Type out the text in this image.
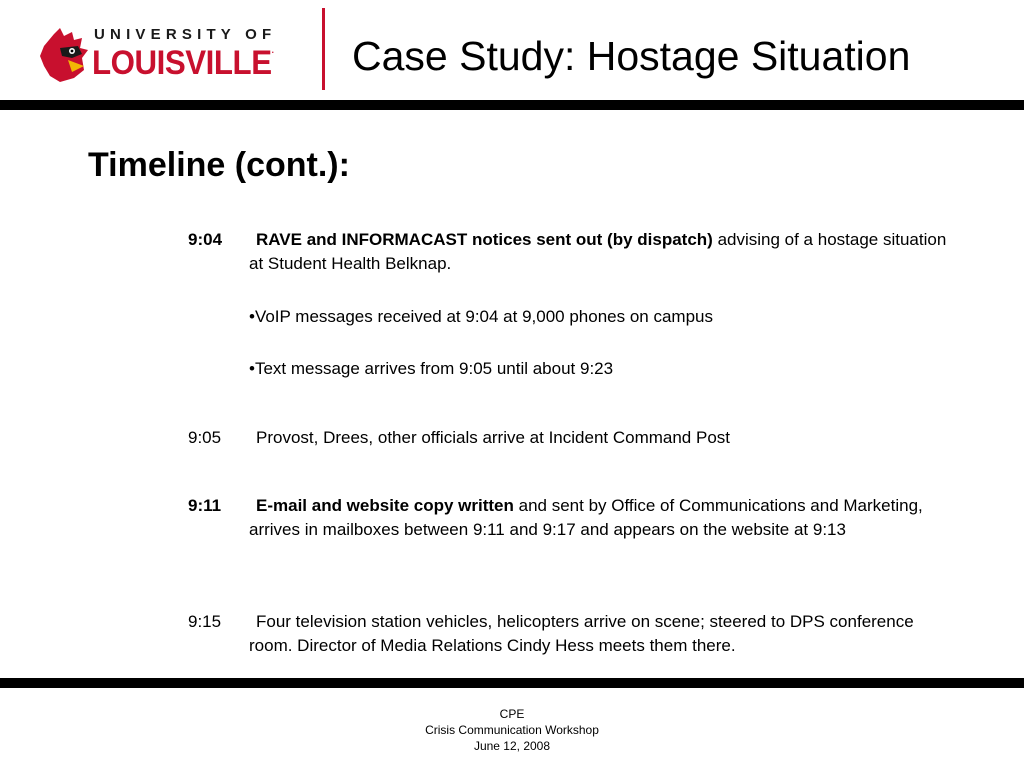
UNIVERSITY OF
LOUISVILLE. Case Study: Hostage Situation
Timeline (cont.):
9:04	RAVE and INFORMACAST notices sent out (by dispatch) advising of a hostage situation at Student Health Belknap.
•VoIP messages received at 9:04 at 9,000 phones on campus
•Text message arrives from 9:05 until about 9:23
9:05	Provost, Drees, other officials arrive at Incident Command Post
9:11	E-mail and website copy written and sent by Office of Communications and Marketing, arrives in mailboxes between 9:11 and 9:17 and appears on the website at 9:13
9:15	Four television station vehicles, helicopters arrive on scene; steered to DPS conference room. Director of Media Relations Cindy Hess meets them there.
CPE
Crisis Communication Workshop
June 12, 2008
